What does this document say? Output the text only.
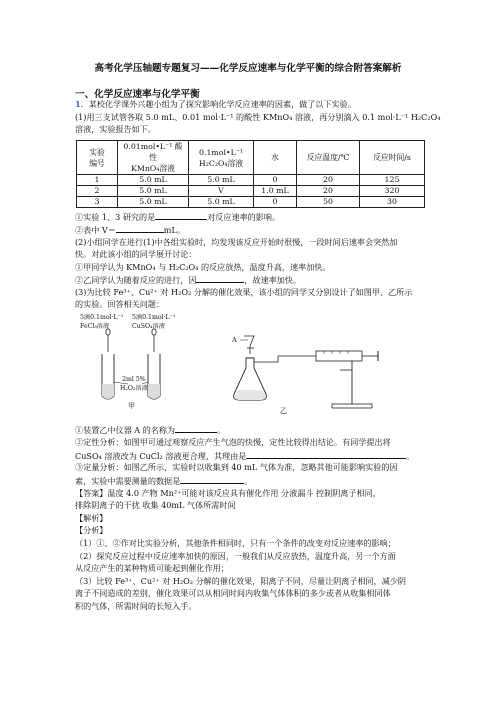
高考化学压轴题专题复习——化学反应速率与化学平衡的综合附答案解析
一、化学反应速率与化学平衡
1．某校化学课外兴趣小组为了探究影响化学反应速率的因素，做了以下实验。
(1)用三支试管各取 5.0 mL、0.01 mol·L⁻¹ 的酸性 KMnO₄ 溶液，再分别滴入 0.1 mol·L⁻¹ H₂C₂O₄
溶液，实验报告如下。
实验
编号	0.01mol•L⁻¹ 酸性
KMnO₄溶液	0.1mol•L⁻¹
H₂C₂O₄溶液	水	反应温度/℃	反应时间/s
1	5.0 mL	5.0 mL	0	20	125
2	5.0 mL	V	1.0 mL	20	320
3	5.0 mL	5.0 mL	0	50	30
①实验 1、3 研究的是	对反应速率的影响。
②表中 V＝	mL。
(2)小组同学在进行(1)中各组实验时，均发现该反应开始时很慢，一段时间后速率会突然加
快。对此该小组的同学展开讨论：
①甲同学认为 KMnO₄ 与 H₂C₂O₄ 的反应放热，温度升高，速率加快。
②乙同学认为随着反应的进行，因	，故速率加快。
(3)为比较 Fe³⁺、Cu²⁺ 对 H₂O₂ 分解的催化效果，该小组的同学又分别设计了如图甲、乙所示
的实验。回答相关问题：
5滴0.1mol·L⁻¹
FeCl₃溶液
5滴0.1mol·L⁻¹
CuSO₄溶液
2ml 5%
H₂O₂溶液
甲
A
乙
①装置乙中仪器 A 的名称为	。
②定性分析：如图甲可通过观察反应产生气泡的快慢，定性比较得出结论。有同学提出将
CuSO₄ 溶液改为 CuCl₂ 溶液更合理，其理由是	。
③定量分析：如图乙所示，实验时以收集到 40 mL 气体为准，忽略其他可能影响实验的因
素，实验中需要测量的数据是	。
【答案】温度 4.0 产物 Mn²⁺可能对该反应具有催化作用 分液漏斗 控制阴离子相同，
排除阴离子的干扰 收集 40mL 气体所需时间
【解析】
【分析】
（1）①、②作对比实验分析，其他条件相同时，只有一个条件的改变对反应速率的影响；
（2）探究反应过程中反应速率加快的原因，一般我们从反应放热，温度升高，另一个方面
从反应产生的某种物质可能起到催化作用；
（3）比较 Fe³⁺、Cu²⁺ 对 H₂O₂ 分解的催化效果，阳离子不同，尽量让阴离子相同，减少阴
离子不同造成的差别，催化效果可以从相同时间内收集气体体积的多少或者从收集相同体
积的气体，所需时间的长短入手。
